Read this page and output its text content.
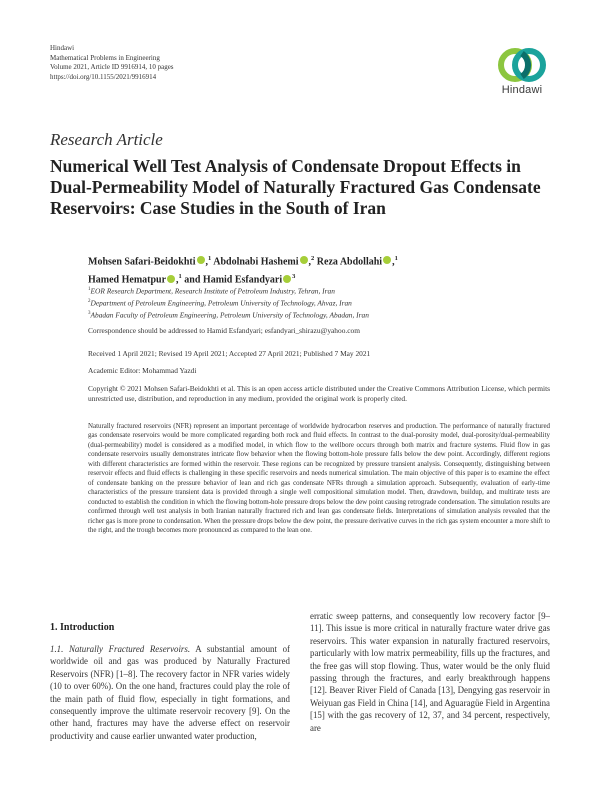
Hindawi
Mathematical Problems in Engineering
Volume 2021, Article ID 9916914, 10 pages
https://doi.org/10.1155/2021/9916914
Hindawi
Research Article
Numerical Well Test Analysis of Condensate Dropout Effects in Dual-Permeability Model of Naturally Fractured Gas Condensate Reservoirs: Case Studies in the South of Iran
Mohsen Safari-Beidokhti ,$^1$ Abdolnabi Hashemi ,$^2$ Reza Abdollahi ,$^1$
Hamed Hematpur ,$^1$ and Hamid Esfandyari $^3$
$^1$EOR Research Department, Research Institute of Petroleum Industry, Tehran, Iran
$^2$Department of Petroleum Engineering, Petroleum University of Technology, Ahvaz, Iran
$^3$Abadan Faculty of Petroleum Engineering, Petroleum University of Technology, Abadan, Iran
Correspondence should be addressed to Hamid Esfandyari; esfandyari_shirazu@yahoo.com
Received 1 April 2021; Revised 19 April 2021; Accepted 27 April 2021; Published 7 May 2021
Academic Editor: Mohammad Yazdi
Copyright © 2021 Mohsen Safari-Beidokhti et al. This is an open access article distributed under the Creative Commons Attribution License, which permits unrestricted use, distribution, and reproduction in any medium, provided the original work is properly cited.
Naturally fractured reservoirs (NFR) represent an important percentage of worldwide hydrocarbon reserves and production. The performance of naturally fractured gas condensate reservoirs would be more complicated regarding both rock and fluid effects. In contrast to the dual-porosity model, dual-porosity/dual-permeability (dual-permeability) model is considered as a modified model, in which flow to the wellbore occurs through both matrix and fracture systems. Fluid flow in gas condensate reservoirs usually demonstrates intricate flow behavior when the flowing bottom-hole pressure falls below the dew point. Accordingly, different regions with different characteristics are formed within the reservoir. These regions can be recognized by pressure transient analysis. Consequently, distinguishing between reservoir effects and fluid effects is challenging in these specific reservoirs and needs numerical simulation. The main objective of this paper is to examine the effect of condensate banking on the pressure behavior of lean and rich gas condensate NFRs through a simulation approach. Subsequently, evaluation of early-time characteristics of the pressure transient data is provided through a single well compositional simulation model. Then, drawdown, buildup, and multirate tests are conducted to establish the condition in which the flowing bottom-hole pressure drops below the dew point causing retrograde condensation. The simulation results are confirmed through well test analysis in both Iranian naturally fractured rich and lean gas condensate fields. Interpretations of simulation analysis revealed that the richer gas is more prone to condensation. When the pressure drops below the dew point, the pressure derivative curves in the rich gas system encounter a more shift to the right, and the trough becomes more pronounced as compared to the lean one.
1. Introduction
1.1. Naturally Fractured Reservoirs. A substantial amount of worldwide oil and gas was produced by Naturally Fractured Reservoirs (NFR) [1–8]. The recovery factor in NFR varies widely (10 to over 60%). On the one hand, fractures could play the role of the main path of fluid flow, especially in tight formations, and consequently improve the ultimate reservoir recovery [9]. On the other hand, fractures may have the adverse effect on reservoir productivity and cause earlier unwanted water production,
erratic sweep patterns, and consequently low recovery factor [9–11]. This issue is more critical in naturally fracture water drive gas reservoirs. This water expansion in naturally fractured reservoirs, particularly with low matrix permeability, fills up the fractures, and the free gas will stop flowing. Thus, water would be the only fluid passing through the fractures, and early breakthrough happens [12]. Beaver River Field of Canada [13], Dengying gas reservoir in Weiyuan gas Field in China [14], and Aguaragüe Field in Argentina [15] with the gas recovery of 12, 37, and 34 percent, respectively, are
